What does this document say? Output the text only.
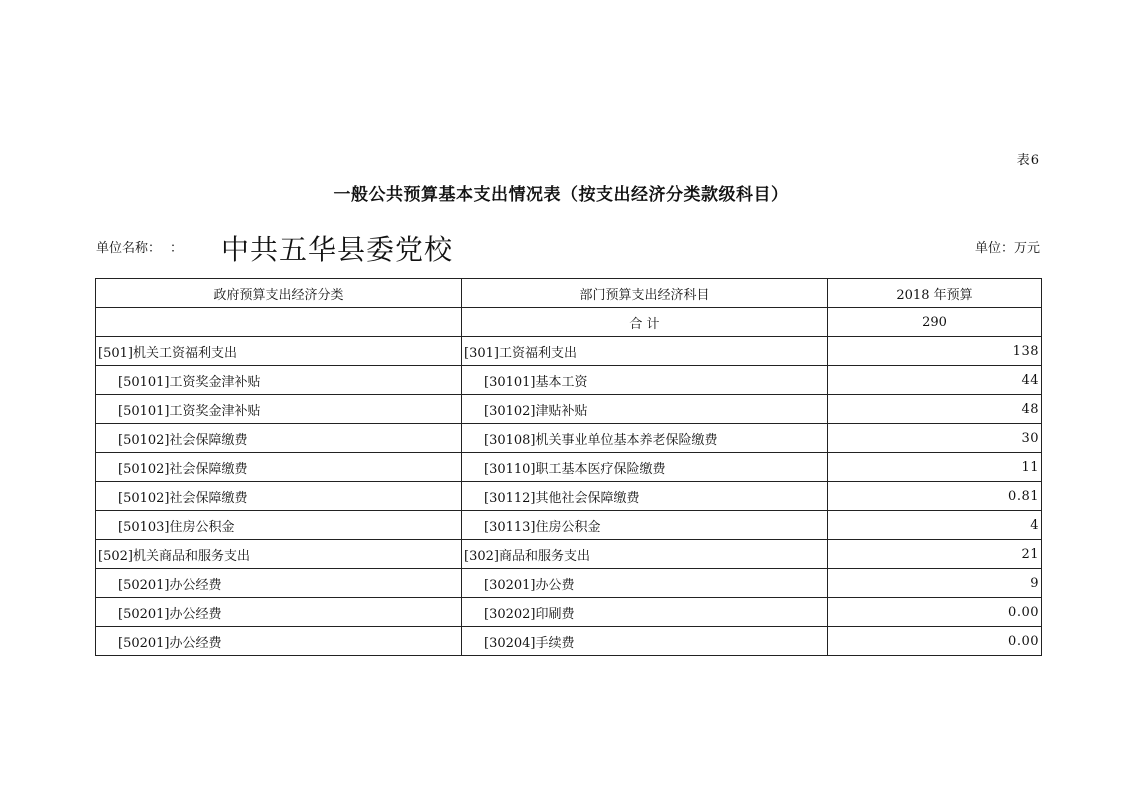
表6
一般公共预算基本支出情况表（按支出经济分类款级科目）
单位名称： ： 中共五华县委党校	单位：万元
政府预算支出经济分类	部门预算支出经济科目	2018 年预算
	合 计	290
[501]机关工资福利支出	[301]工资福利支出	138
[50101]工资奖金津补贴	[30101]基本工资	44
[50101]工资奖金津补贴	[30102]津贴补贴	48
[50102]社会保障缴费	[30108]机关事业单位基本养老保险缴费	30
[50102]社会保障缴费	[30110]职工基本医疗保险缴费	11
[50102]社会保障缴费	[30112]其他社会保障缴费	0.81
[50103]住房公积金	[30113]住房公积金	4
[502]机关商品和服务支出	[302]商品和服务支出	21
[50201]办公经费	[30201]办公费	9
[50201]办公经费	[30202]印刷费	0.00
[50201]办公经费	[30204]手续费	0.00
